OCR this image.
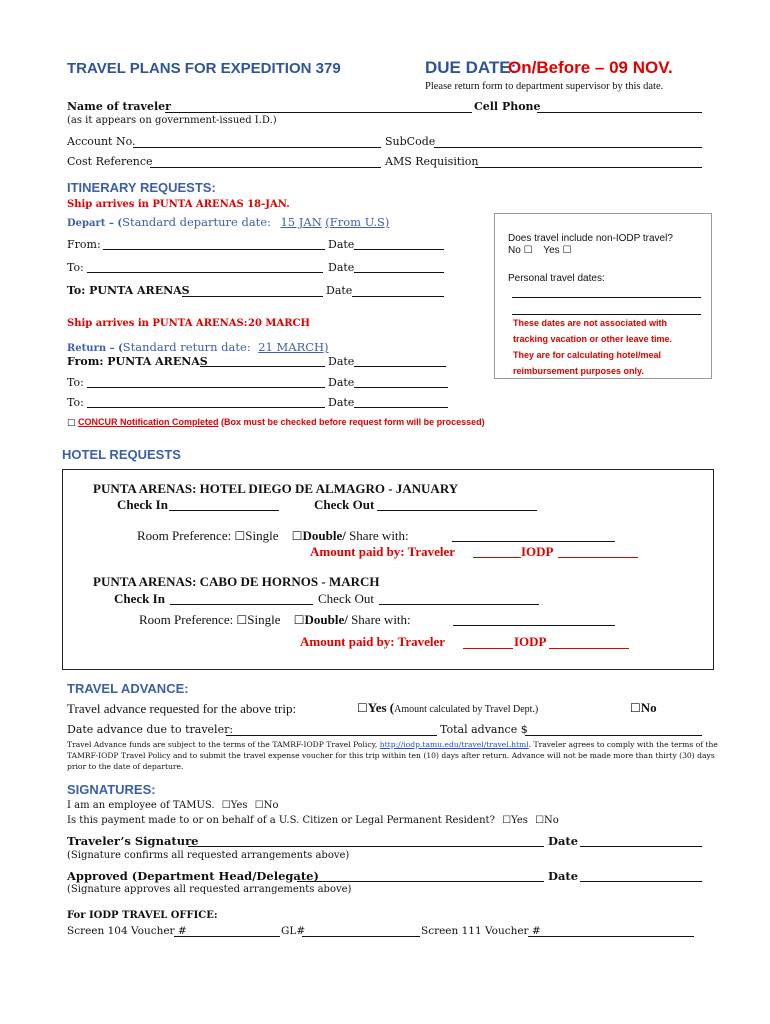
TRAVEL PLANS FOR EXPEDITION 379	DUE DATE:
On/Before – 09 NOV.
Please return form to department supervisor by this date.
Name of traveler	Cell Phone
(as it appears on government-issued I.D.)
Account No.	SubCode
Cost Reference	AMS Requisition
ITINERARY REQUESTS:
Ship arrives in PUNTA ARENAS 18-JAN.
Depart – (Standard departure date: 15 JAN (From U.S)
From:	Date
To:	Date
To: PUNTA ARENAS	Date
Ship arrives in PUNTA ARENAS: 20 MARCH
Return – (Standard return date: 21 MARCH)
From: PUNTA ARENAS	Date
To:	Date
To:	Date
□ CONCUR Notification Completed (Box must be checked before request form will be processed)
Does travel include non-IODP travel?
No ☐ Yes ☐
Personal travel dates:
These dates are not associated with
tracking vacation or other leave time.
They are for calculating hotel/meal
reimbursement purposes only.
HOTEL REQUESTS
PUNTA ARENAS: HOTEL DIEGO DE ALMAGRO - JANUARY
Check In	Check Out
Room Preference: ☐Single ☐Double/ Share with:
Amount paid by: Traveler	IODP
PUNTA ARENAS: CABO DE HORNOS - MARCH
Check In	Check Out
Room Preference: ☐Single ☐Double/ Share with:
Amount paid by: Traveler	IODP
TRAVEL ADVANCE:
Travel advance requested for the above trip:	☐Yes (Amount calculated by Travel Dept.)	☐No
Date advance due to traveler:	Total advance $
Travel Advance funds are subject to the terms of the TAMRF-IODP Travel Policy, http://iodp.tamu.edu/travel/travel.html. Traveler agrees to comply with the terms of the
TAMRF-IODP Travel Policy and to submit the travel expense voucher for this trip within ten (10) days after return. Advance will not be made more than thirty (30) days
prior to the date of departure.
SIGNATURES:
I am an employee of TAMUS. ☐Yes ☐No
Is this payment made to or on behalf of a U.S. Citizen or Legal Permanent Resident? ☐Yes ☐No
Traveler’s Signature	Date
(Signature confirms all requested arrangements above)
Approved (Department Head/Delegate)	Date
(Signature approves all requested arrangements above)
For IODP TRAVEL OFFICE:
Screen 104 Voucher #	GL#	Screen 111 Voucher #
